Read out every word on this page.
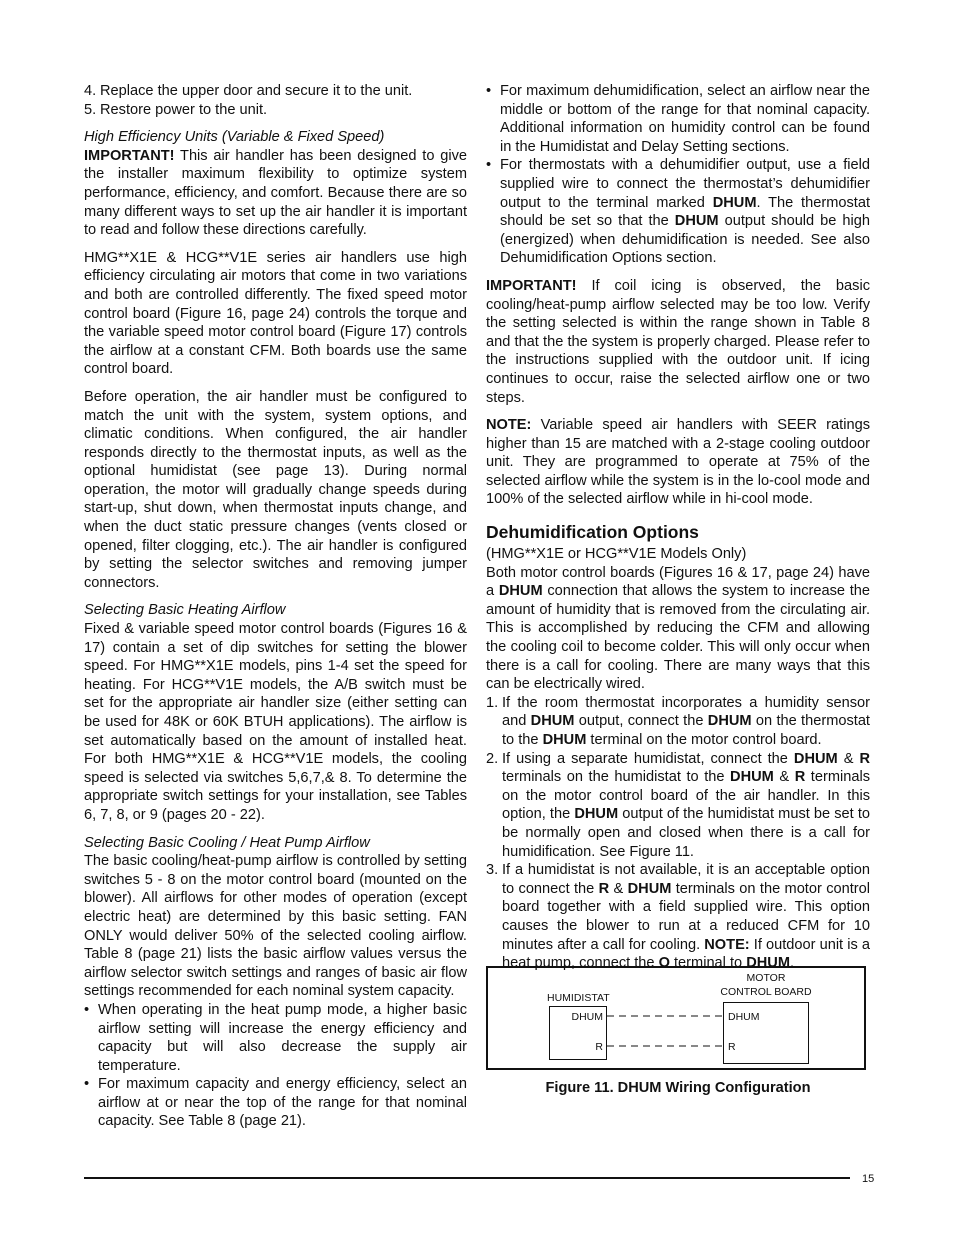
4. Replace the upper door and secure it to the unit.
5. Restore power to the unit.

High Efficiency Units (Variable & Fixed Speed)

IMPORTANT! This air handler has been designed to give the installer maximum flexibility to optimize system performance, efficiency, and comfort. Because there are so many different ways to set up the air handler it is important to read and follow these directions carefully.

HMG**X1E & HCG**V1E series air handlers use high efficiency circulating air motors that come in two variations and both are controlled differently. The fixed speed motor control board (Figure 16, page 24) controls the torque and the variable speed motor control board (Figure 17) controls the airflow at a constant CFM. Both boards use the same control board.

Before operation, the air handler must be configured to match the unit with the system, system options, and climatic conditions. When configured, the air handler responds directly to the thermostat inputs, as well as the optional humidistat (see page 13). During normal operation, the motor will gradually change speeds during start-up, shut down, when thermostat inputs change, and when the duct static pressure changes (vents closed or opened, filter clogging, etc.). The air handler is configured by setting the selector switches and removing jumper connectors.

Selecting Basic Heating Airflow

Fixed & variable speed motor control boards (Figures 16 & 17) contain a set of dip switches for setting the blower speed. For HMG**X1E models, pins 1-4 set the speed for heating. For HCG**V1E models, the A/B switch must be set for the appropriate air handler size (either setting can be used for 48K or 60K BTUH applications). The airflow is set automatically based on the amount of installed heat. For both HMG**X1E & HCG**V1E models, the cooling speed is selected via switches 5,6,7,& 8. To determine the appropriate switch settings for your installation, see Tables 6, 7, 8, or 9 (pages 20 - 22).

Selecting Basic Cooling / Heat Pump Airflow

The basic cooling/heat-pump airflow is controlled by setting switches 5 - 8 on the motor control board (mounted on the blower). All airflows for other modes of operation (except electric heat) are determined by this basic setting. FAN ONLY would deliver 50% of the selected cooling airflow. Table 8 (page 21) lists the basic airflow values versus the airflow selector switch settings and ranges of basic air flow settings recommended for each nominal system capacity.

• When operating in the heat pump mode, a higher basic airflow setting will increase the energy efficiency and capacity but will also decrease the supply air temperature.
• For maximum capacity and energy efficiency, select an airflow at or near the top of the range for that nominal capacity. See Table 8 (page 21).
• For maximum dehumidification, select an airflow near the middle or bottom of the range for that nominal capacity. Additional information on humidity control can be found in the Humidistat and Delay Setting sections.
• For thermostats with a dehumidifier output, use a field supplied wire to connect the thermostat’s dehumidifier output to the terminal marked DHUM. The thermostat should be set so that the DHUM output should be high (energized) when dehumidification is needed. See also Dehumidification Options section.

IMPORTANT! If coil icing is observed, the basic cooling/heat-pump airflow selected may be too low. Verify the setting selected is within the range shown in Table 8 and that the the system is properly charged. Please refer to the instructions supplied with the outdoor unit. If icing continues to occur, raise the selected airflow one or two steps.

NOTE: Variable speed air handlers with SEER ratings higher than 15 are matched with a 2-stage cooling outdoor unit. They are programmed to operate at 75% of the selected airflow while the system is in the lo-cool mode and 100% of the selected airflow while in hi-cool mode.

Dehumidification Options

(HMG**X1E or HCG**V1E Models Only)

Both motor control boards (Figures 16 & 17, page 24) have a DHUM connection that allows the system to increase the amount of humidity that is removed from the circulating air. This is accomplished by reducing the CFM and allowing the cooling coil to become colder. This will only occur when there is a call for cooling. There are many ways that this can be electrically wired.

1. If the room thermostat incorporates a humidity sensor and DHUM output, connect the DHUM on the thermostat to the DHUM terminal on the motor control board.
2. If using a separate humidistat, connect the DHUM & R terminals on the humidistat to the DHUM & R terminals on the motor control board of the air handler. In this option, the DHUM output of the humidistat must be set to be normally open and closed when there is a call for humidification. See Figure 11.
3. If a humidistat is not available, it is an acceptable option to connect the R & DHUM terminals on the motor control board together with a field supplied wire. This option causes the blower to run at a reduced CFM for 10 minutes after a call for cooling. NOTE: If outdoor unit is a heat pump, connect the O terminal to DHUM.
HUMIDISTAT
MOTOR
CONTROL BOARD
DHUM
R
DHUM
R
Figure 11. DHUM Wiring Configuration
15
